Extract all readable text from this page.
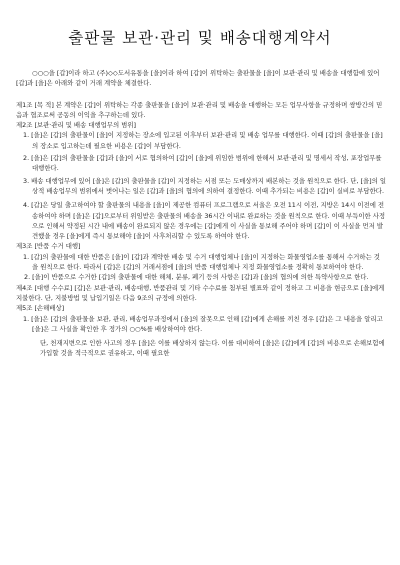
출판물 보관·관리 및 배송대행계약서

○○○을 [갑]이라 하고 (주)◇◇도서유통을 [을]이라 하여 [갑]이 위탁하는 출판물을 [을]이 보관·관리 및 배송을 대행함에 있어 [갑]과 [을]은 아래와 같이 거래 계약을 체결한다.

제1조 [목 적] 본 계약은 [갑]이 위탁하는 각종 출판물을 [을]이 보관·관리 및 배송을 대행하는 모든 업무사항을 규정하며 쌍방간의 믿음과 협조로써 공동의 이익을 추구하는데 있다.

제2조 [보관·관리 및 배송 대행업무의 범위]

1. [을]은 [갑]의 출판물이 [을]이 지정하는 장소에 입고된 이후부터 보관·관리 및 배송 업무를 대행한다. 이때 [갑]의 출판물을 [을]의 장소로 입고하는데 필요한 비용은 [갑]이 부담한다.

2. [을]은 [갑]의 출판물을 [갑]과 [을]이 서로 협의하여 [갑]이 [을]에 위임한 범위에 한해서 보관·관리 및 명세서 작성, 포장업무를 대행한다.

3. 배송 대행업무에 있어 [을]은 [갑]의 출판물을 [갑]이 지정하는 서점 또는 도매상까지 배본하는 것을 원칙으로 한다. 단, [을]의 일상적 배송업무의 범위에서 벗어나는 일은 [갑]과 [을]의 협의에 의하여 결정한다. 이때 추가되는 비용은 [갑]이 실비로 부담한다.

4. [갑]은 당일 출고하여야 할 출판물의 내용을 [을]이 제공한 컴퓨터 프로그램으로 서울은 오전 11시 이전, 지방은 14시 이전에 전송하여야 하며 [을]은 [갑]으로부터 위임받은 출판물의 배송을 36시간 이내로 완료하는 것을 원칙으로 한다. 이때 부득이한 사정으로 인해서 약정된 시간 내에 배송이 완료되지 않은 경우에는 [갑]에게 이 사실을 통보해 주어야 하며 [갑]이 이 사실을 먼저 발견했을 경우 [을]에게 즉시 통보해야 [을]이 사후처리할 수 있도록 하여야 한다.

제3조 [반품 수거 대행]

1. [갑]의 출판물에 대한 반품은 [을]이 [갑]과 계약한 배송 및 수거 대행업체나 [을]이 지정하는 화물영업소를 통해서 수거하는 것을 원칙으로 한다. 따라서 [갑]은 [갑]의 거래서점에 [을]의 반품 대행업체나 지정 화물영업소를 정확히 통보하여야 한다.

2. [을]이 반품으로 수거한 [갑]의 출판물에 대한 해체, 분류, 폐기 등의 사항은 [갑]과 [을]의 협의에 의한 특약사항으로 한다.

제4조 [대행 수수료] [갑]은 보관·관리, 배송대행, 반품관리 및 기타 수수료를 첨부된 별표와 같이 정하고 그 비용을 현금으로 [을]에게 지불한다. 단, 지불방법 및 납입기일은 다음 9조의 규정에 의한다.

제5조 [손해배상]

1. [을]은 [갑]의 출판물을 보관, 관리, 배송업무과정에서 [을]의 잘못으로 인해 [갑]에게 손해를 끼친 경우 [갑]은 그 내용을 알리고 [을]은 그 사실을 확인한 후 정가의 ○○%를 배상하여야 한다.

단, 천재지변으로 인한 사고의 경우 [을]은 이를 배상하지 않는다. 이를 대비하여 [을]은 [갑]에게 [갑]의 비용으로 손해보험에 가입할 것을 적극적으로 권유하고, 이때 필요한
